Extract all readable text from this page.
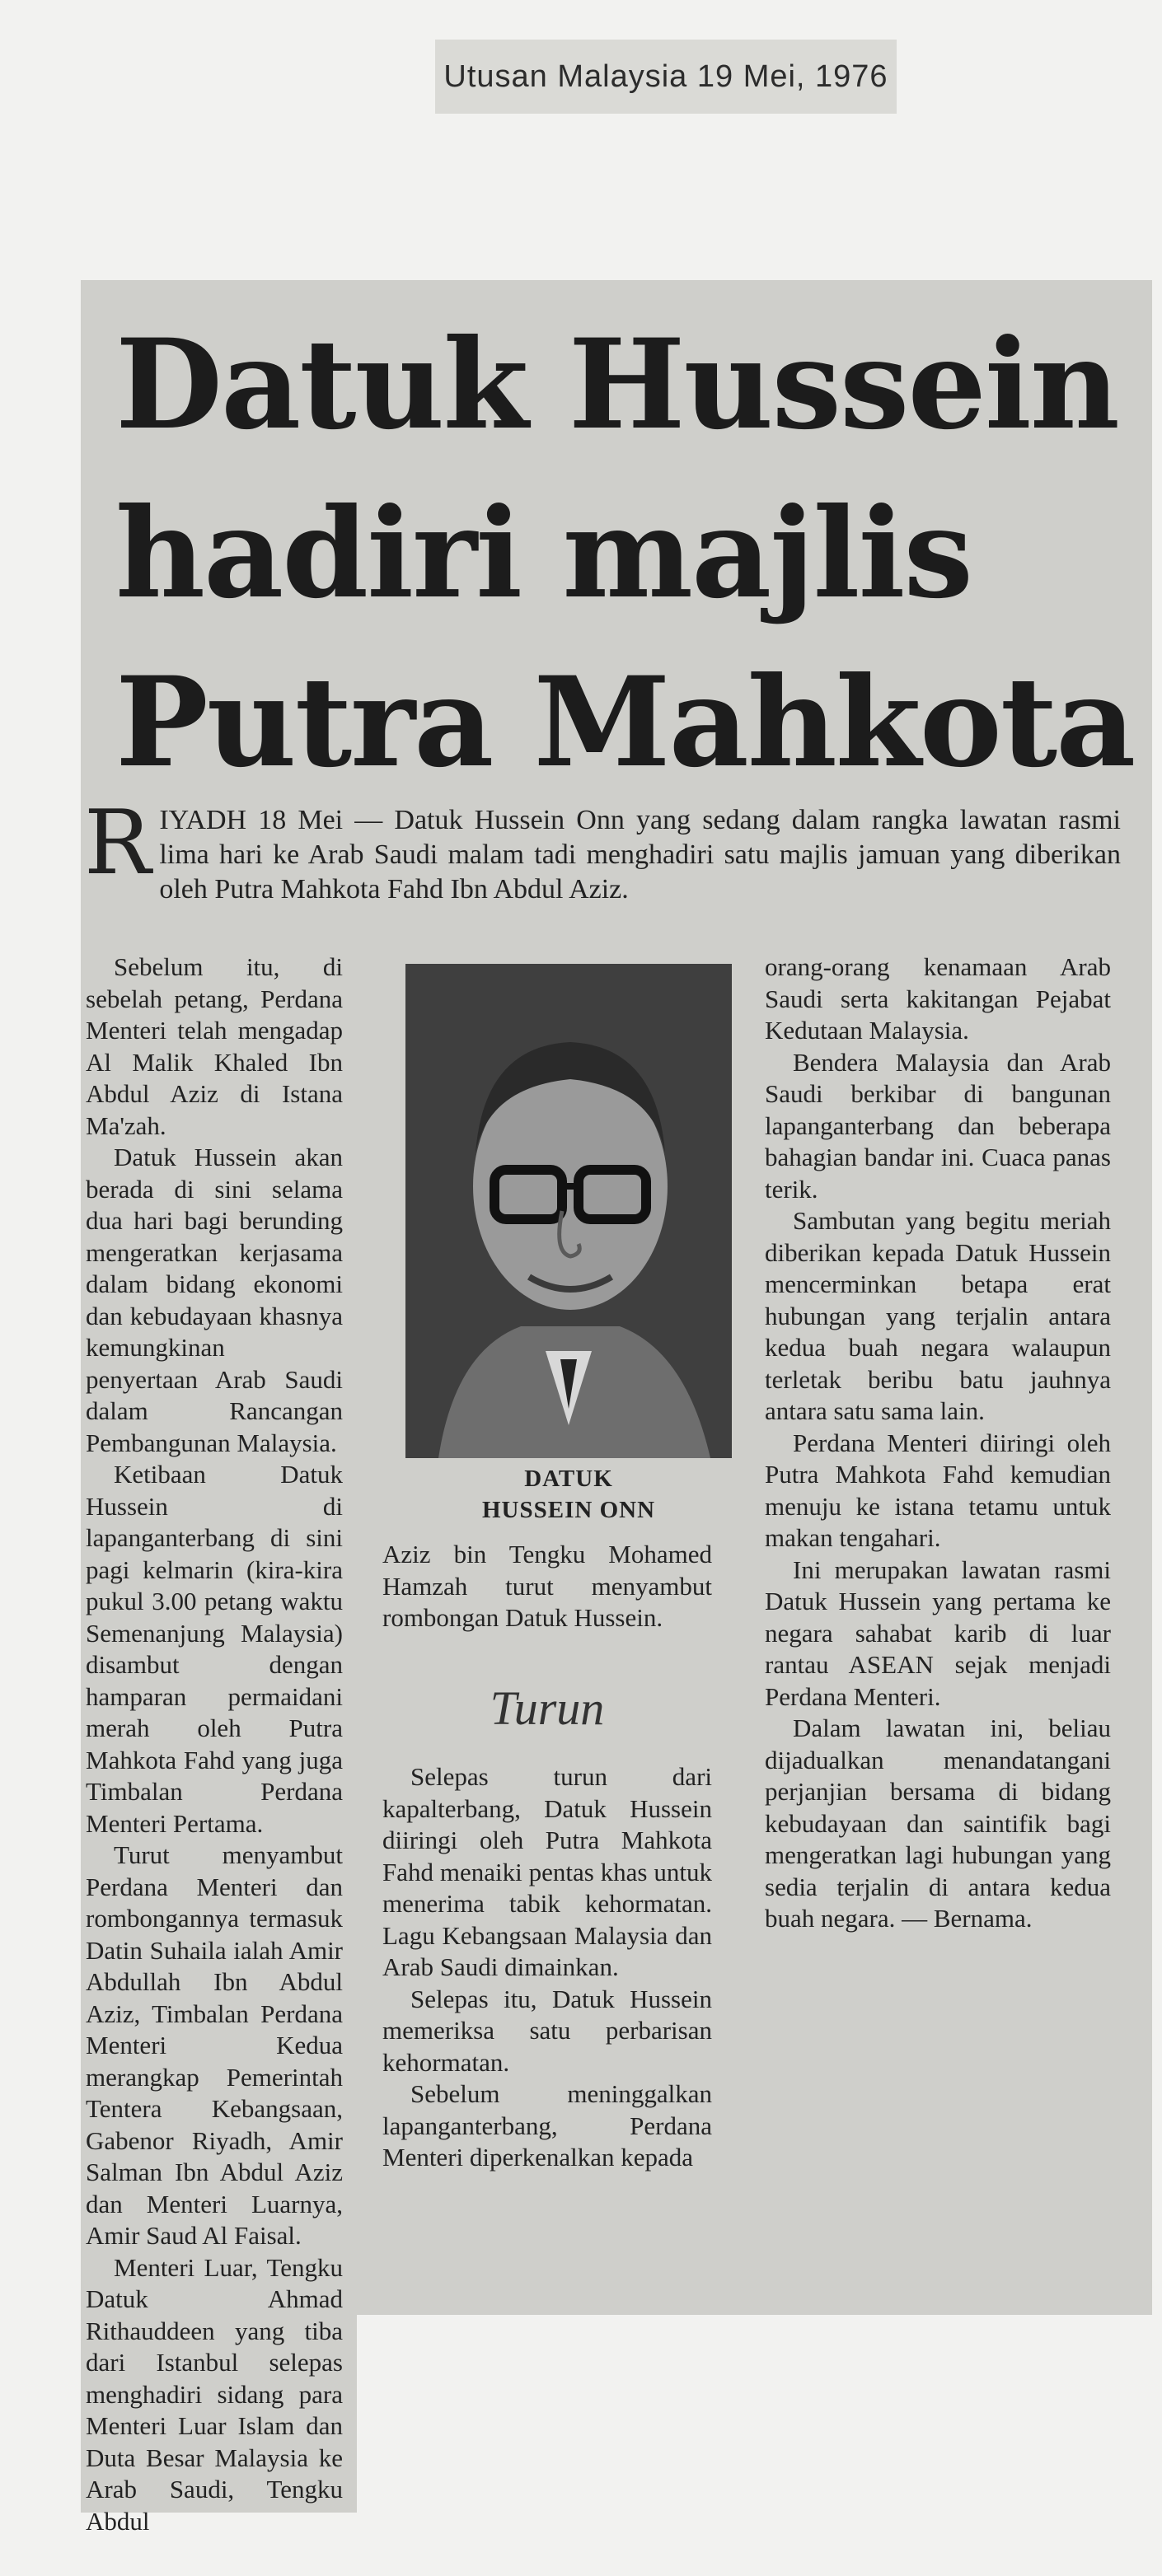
Utusan Malaysia 19 Mei, 1976
Datuk Hussein
hadiri majlis
Putra Mahkota
RIYADH 18 Mei — Datuk Hussein Onn yang sedang dalam rangka lawatan rasmi lima hari ke Arab Saudi malam tadi menghadiri satu majlis jamuan yang diberikan oleh Putra Mahkota Fahd Ibn Abdul Aziz.

Sebelum itu, di sebelah petang, Perdana Menteri telah mengadap Al Malik Khaled Ibn Abdul Aziz di Istana Ma'zah.

Datuk Hussein akan berada di sini selama dua hari bagi berunding mengeratkan kerjasama dalam bidang ekonomi dan kebudayaan khasnya kemungkinan penyertaan Arab Saudi dalam Rancangan Pembangunan Malaysia.

Ketibaan Datuk Hussein di lapanganterbang di sini pagi kelmarin (kira-kira pukul 3.00 petang waktu Semenanjung Malaysia) disambut dengan hamparan permaidani merah oleh Putra Mahkota Fahd yang juga Timbalan Perdana Menteri Pertama.

Turut menyambut Perdana Menteri dan rombongannya termasuk Datin Suhaila ialah Amir Abdullah Ibn Abdul Aziz, Timbalan Perdana Menteri Kedua merangkap Pemerintah Tentera Kebangsaan, Gabenor Riyadh, Amir Salman Ibn Abdul Aziz dan Menteri Luarnya, Amir Saud Al Faisal.

Menteri Luar, Tengku Datuk Ahmad Rithauddeen yang tiba dari Istanbul selepas menghadiri sidang para Menteri Luar Islam dan Duta Besar Malaysia ke Arab Saudi, Tengku Abdul

DATUK
HUSSEIN ONN

Aziz bin Tengku Mohamed Hamzah turut menyambut rombongan Datuk Hussein.

Turun

Selepas turun dari kapalterbang, Datuk Hussein diiringi oleh Putra Mahkota Fahd menaiki pentas khas untuk menerima tabik kehormatan. Lagu Kebangsaan Malaysia dan Arab Saudi dimainkan.

Selepas itu, Datuk Hussein memeriksa satu perbarisan kehormatan.

Sebelum meninggalkan lapanganterbang, Perdana Menteri diperkenalkan kepada

orang-orang kenamaan Arab Saudi serta kakitangan Pejabat Kedutaan Malaysia.

Bendera Malaysia dan Arab Saudi berkibar di bangunan lapanganterbang dan beberapa bahagian bandar ini. Cuaca panas terik.

Sambutan yang begitu meriah diberikan kepada Datuk Hussein mencerminkan betapa erat hubungan yang terjalin antara kedua buah negara walaupun terletak beribu batu jauhnya antara satu sama lain.

Perdana Menteri diiringi oleh Putra Mahkota Fahd kemudian menuju ke istana tetamu untuk makan tengahari.

Ini merupakan lawatan rasmi Datuk Hussein yang pertama ke negara sahabat karib di luar rantau ASEAN sejak menjadi Perdana Menteri.

Dalam lawatan ini, beliau dijadualkan menandatangani perjanjian bersama di bidang kebudayaan dan saintifik bagi mengeratkan lagi hubungan yang sedia terjalin di antara kedua buah negara. — Bernama.
